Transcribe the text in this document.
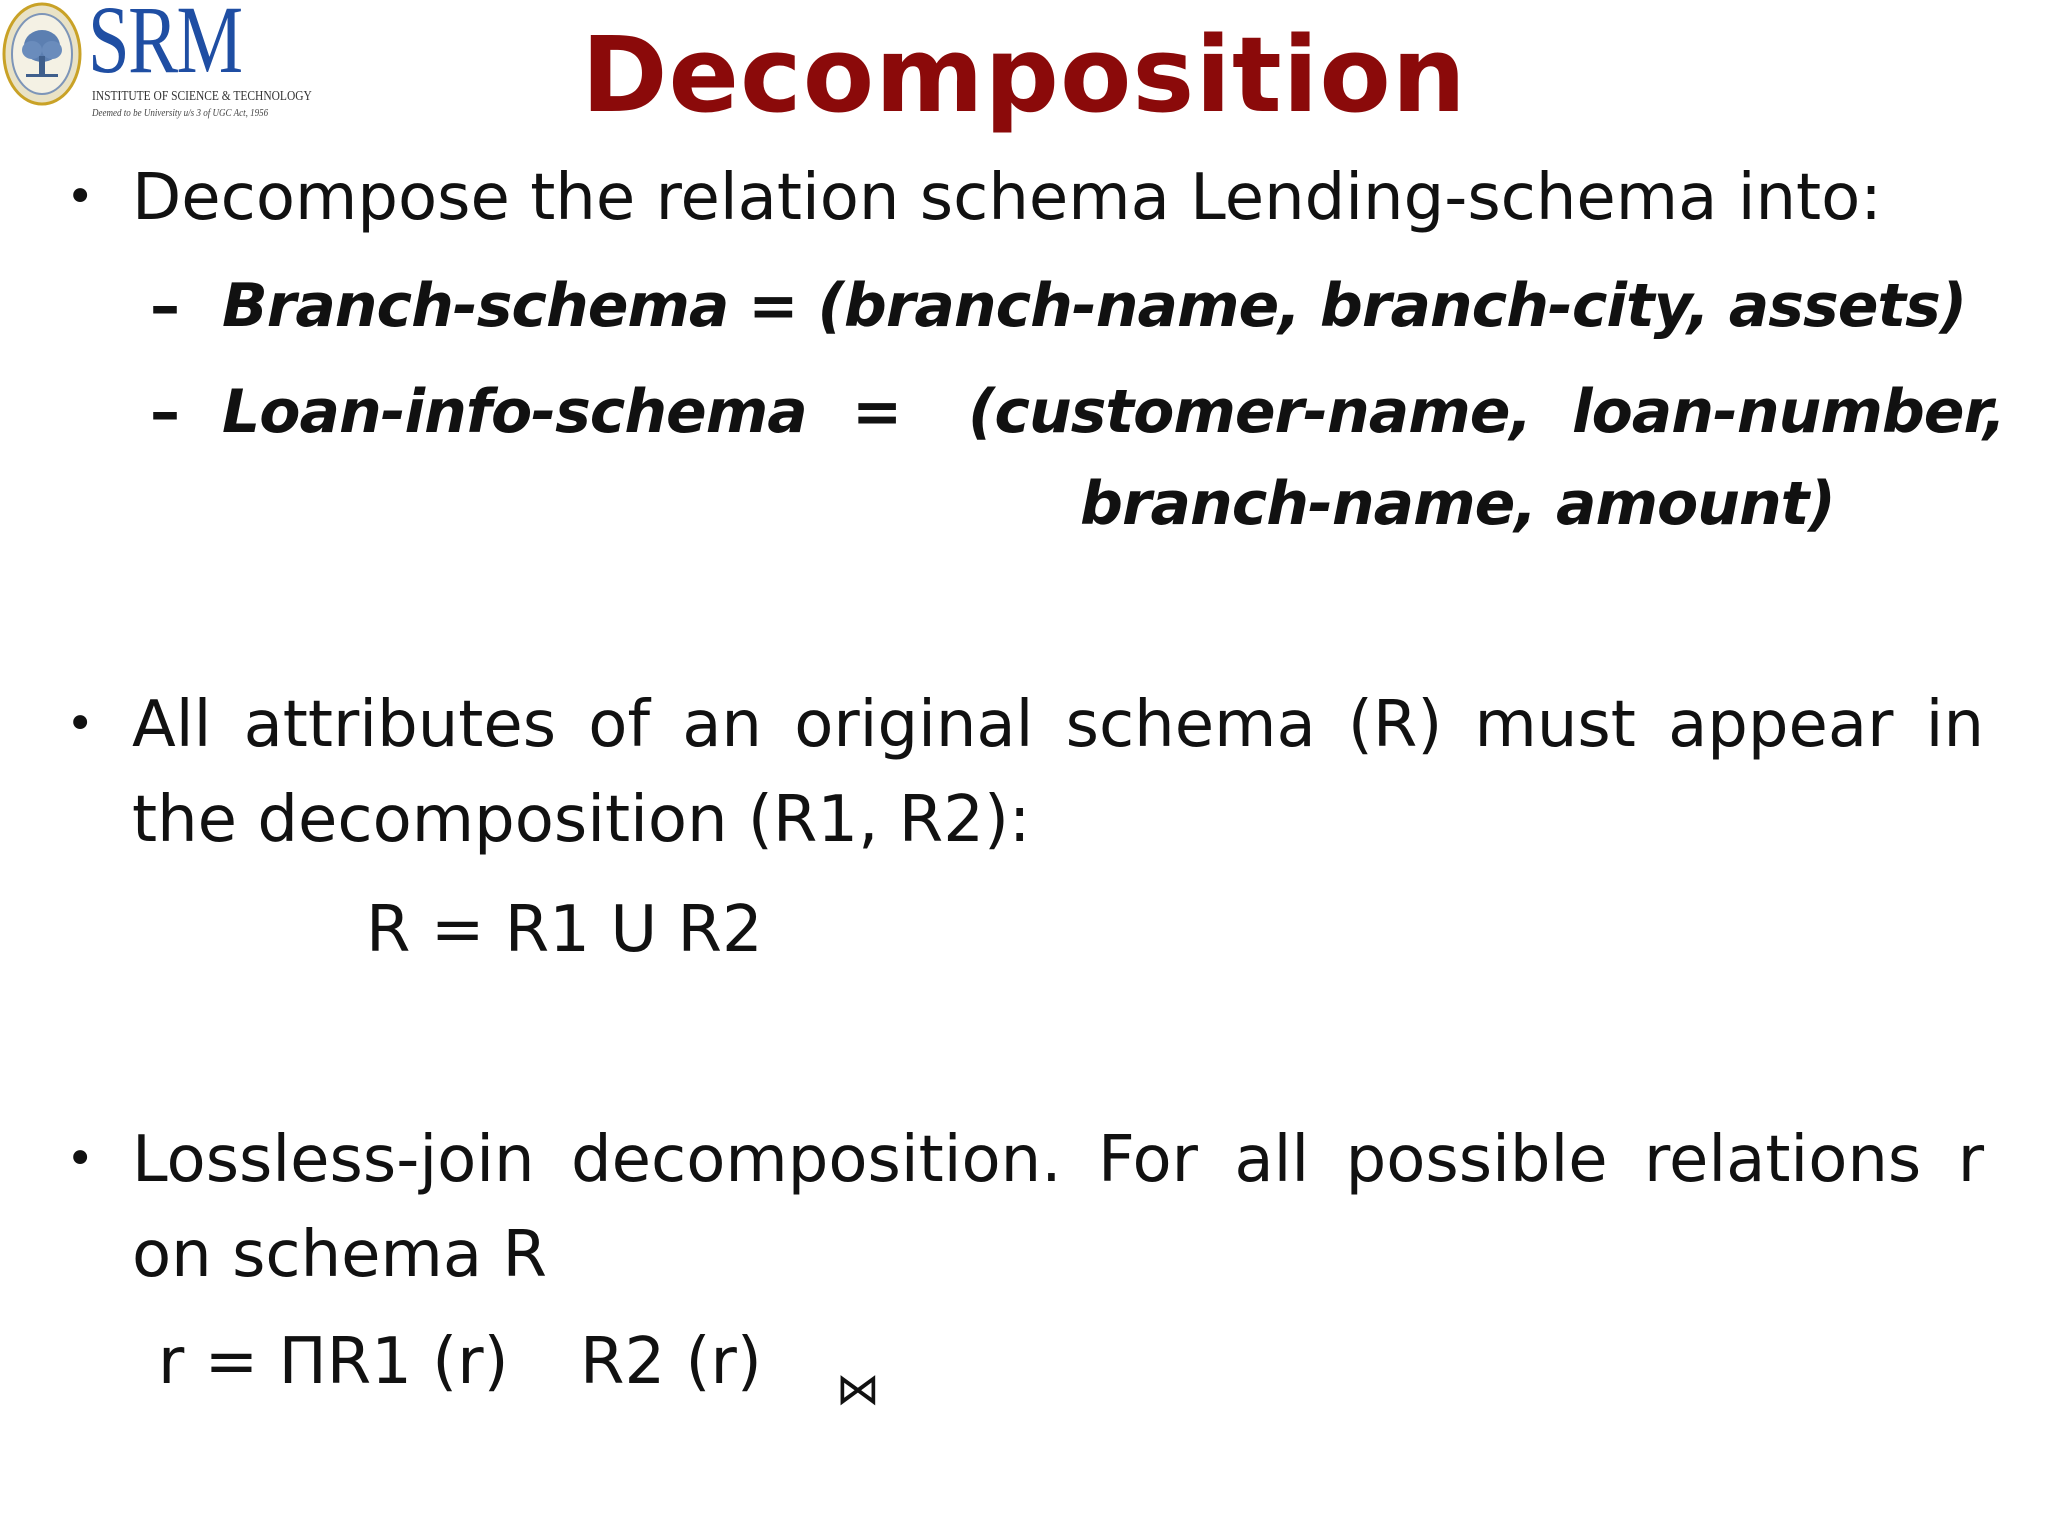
SRM
INSTITUTE OF SCIENCE & TECHNOLOGY
Deemed to be University u/s 3 of UGC Act, 1956	Decomposition
• Decompose the relation schema Lending-schema into:
– Branch-schema = (branch-name, branch-city, assets)
– Loan-info-schema = (customer-name, loan-number,
branch-name, amount)
• All attributes of an original schema (R) must appear in
the decomposition (R1, R2):
R = R1 U R2
• Lossless-join decomposition. For all possible relations r
on schema R
r = ΠR1 (r) R2 (r) ⋈
